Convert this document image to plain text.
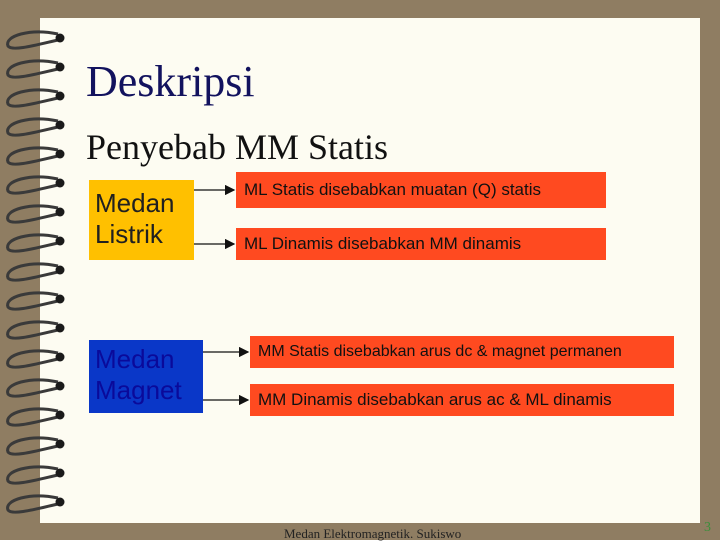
Deskripsi
Penyebab MM Statis
Medan
Listrik
Medan
Magnet
ML Statis disebabkan muatan (Q) statis
ML Dinamis disebabkan MM dinamis
MM Statis disebabkan arus dc & magnet permanen
MM Dinamis disebabkan arus ac & ML dinamis
Medan Elektromagnetik. Sukiswo	3
